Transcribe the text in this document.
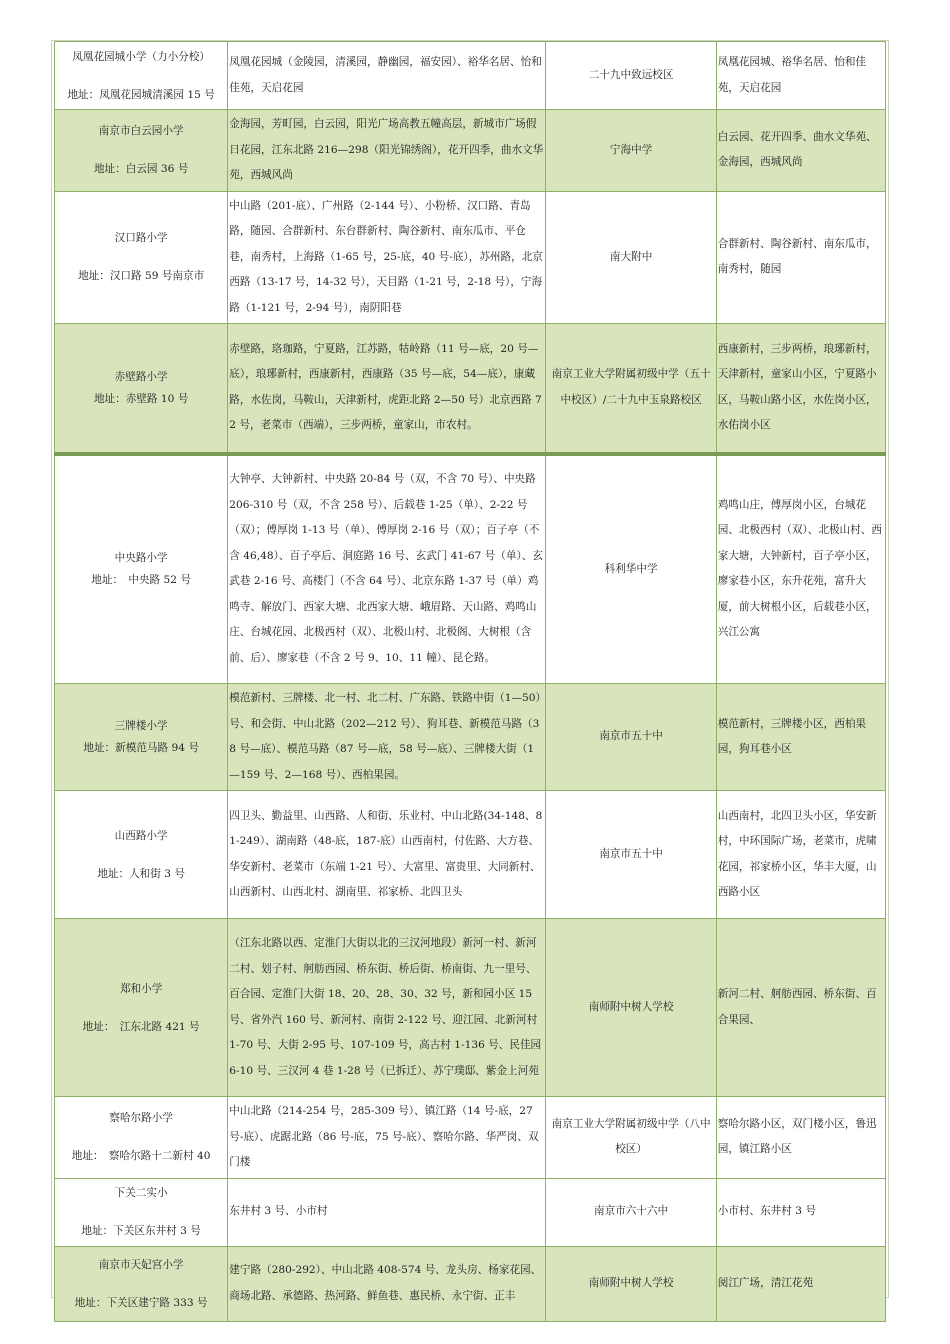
凤凰花园城小学（力小分校）
地址：凤凰花园城清溪园 15 号	凤凰花园城（金陵园，清溪园，静幽园，福安园）、裕华名居、怡和佳苑，天启花园	二十九中致远校区	凤凰花园城、裕华名居、怡和佳苑，天启花园

南京市白云园小学
地址：白云园 36 号	金海园，芳町园，白云园，阳光广场高教五幢高层，新城市广场假日花园，江东北路 216—298（阳光锦绣阁），花开四季，曲水文华苑，西城风尚	宁海中学	白云园、花开四季、曲水文华苑、金海园，西城风尚

汉口路小学
地址：汉口路 59 号南京市	中山路（201-底）、广州路（2-144 号）、小粉桥、汉口路、青岛路，随园、合群新村、东台群新村、陶谷新村、南东瓜市、平仓巷，南秀村，上海路（1-65 号，25-底，40 号-底），苏州路，北京西路（13-17 号，14-32 号），天目路（1-21 号，2-18 号），宁海路（1-121 号，2-94 号），南阴阳巷	南大附中	合群新村、陶谷新村、南东瓜市，南秀村，随园

赤壁路小学
地址：赤壁路 10 号	赤壁路，珞珈路，宁夏路，江苏路，牯岭路（11 号—底，20 号—底），琅琊新村，西康新村，西康路（35 号—底，54—底），康藏路，水佐岗，马鞍山，天津新村，虎距北路 2—50 号）北京西路 72 号，老菜市（西端），三步两桥，童家山，市农村。	南京工业大学附属初级中学（五十中校区）/二十九中玉泉路校区	西康新村，三步两桥，琅琊新村，天津新村，童家山小区，宁夏路小区，马鞍山路小区，水佐岗小区，水佑岗小区

中央路小学
地址：　中央路 52 号	大钟亭、大钟新村、中央路 20-84 号（双，不含 70 号）、中央路 206-310 号（双，不含 258 号）、后载巷 1-25（单）、2-22 号（双）；傅厚岗 1-13 号（单）、傅厚岗 2-16 号（双）；百子亭（不含 46,48）、百子亭后、洞庭路 16 号、玄武门 41-67 号（单）、玄武巷 2-16 号、高楼门（不含 64 号）、北京东路 1-37 号（单）鸡鸣寺、解放门、西家大塘、北西家大塘、峨眉路、天山路、鸡鸣山庄、台城花园、北极西村（双）、北极山村、北极阁、大树根（含前、后）、廖家巷（不含 2 号 9、10、11 幢）、昆仑路。	科利华中学	鸡鸣山庄，傅厚岗小区，台城花园、北极西村（双）、北极山村、西家大塘，大钟新村，百子亭小区，廖家巷小区，东升花苑，富升大厦，前大树根小区，后载巷小区，兴江公寓

三牌楼小学
地址：新模范马路 94 号	模范新村、三牌楼、北一村、北二村、广东路、铁路中街（1—50）号、和会街、中山北路（202—212 号）、狗耳巷、新模范马路（38 号—底）、模范马路（87 号—底，58 号—底）、三牌楼大街（1—159 号、2—168 号）、西柏果园。	南京市五十中	模范新村，三牌楼小区，西柏果园，狗耳巷小区

山西路小学
地址：人和街 3 号	四卫头、勤益里、山西路、人和街、乐业村、中山北路(34-148、81-249）、湖南路（48-底，187-底）山西南村，付佐路、大方巷、华安新村、老菜市（东端 1-21 号）、大富里、富贵里、大同新村、山西新村、山西北村、湖南里、祁家桥、北四卫头	南京市五十中	山西南村，北四卫头小区，华安新村，中环国际广场，老菜市，虎啸花园，祁家桥小区，华丰大厦，山西路小区

郑和小学
地址：　江东北路 421 号	（江东北路以西、定淮门大街以北的三汉河地段）新河一村、新河二村、划子村、舸舫西园、桥东街、桥后街、桥南街、九一里号、百合园、定淮门大街 18、20、28、30、32 号，新和园小区 15 号、省外汽 160 号、新河村、南街 2-122 号、迎江园、北新河村 1-70 号、大街 2-95 号、107-109 号，高古村 1-136 号、民佳园 6-10 号、三汉河 4 巷 1-28 号（已拆迁）、苏宁璞邸、紫金上河苑	南师附中树人学校	新河二村、舸舫西园、桥东街、百合果园、

察哈尔路小学
地址：　察哈尔路十二新村 40	中山北路（214-254 号，285-309 号）、镇江路（14 号-底，27 号-底）、虎踞北路（86 号-底，75 号-底）、察哈尔路、华严岗、双门楼	南京工业大学附属初级中学（八中校区）	察哈尔路小区，双门楼小区，鲁迅园，镇江路小区

下关二实小
地址：下关区东井村 3 号	东井村 3 号、小市村	南京市六十六中	小市村、东井村 3 号

南京市天妃宫小学
地址：下关区建宁路 333 号	建宁路（280-292）、中山北路 408-574 号、龙头房、杨家花园、商场北路、承德路、热河路、鲜鱼巷、惠民桥、永宁街、正丰	南师附中树人学校	阅江广场，清江花苑
